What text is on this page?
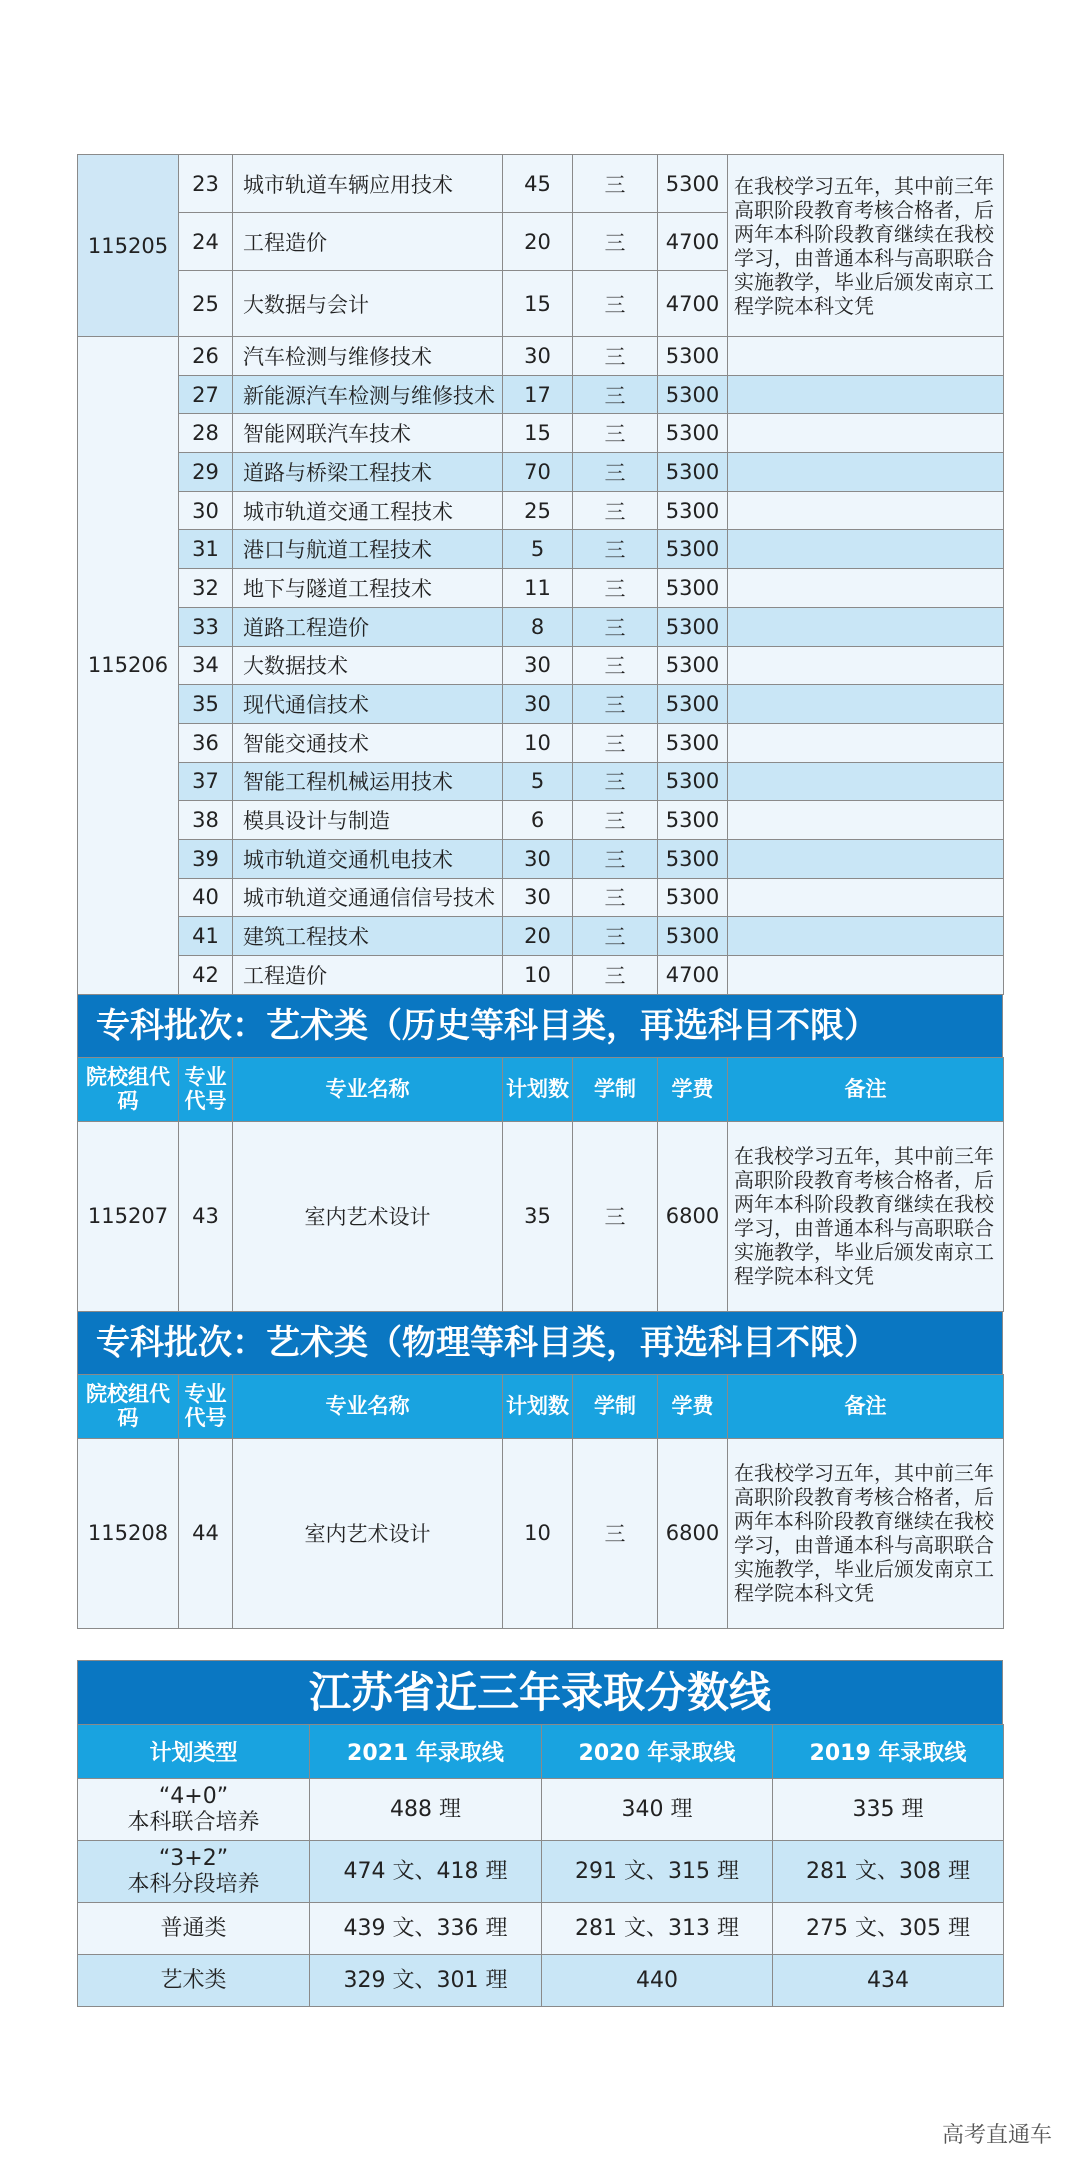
115205	23	城市轨道车辆应用技术	45	三	5300	在我校学习五年，其中前三年高职阶段教育考核合格者，后两年本科阶段教育继续在我校学习，由普通本科与高职联合实施教学，毕业后颁发南京工程学院本科文凭
	24	工程造价	20	三	4700	
	25	大数据与会计	15	三	4700	
115206	26	汽车检测与维修技术	30	三	5300	
	27	新能源汽车检测与维修技术	17	三	5300	
	28	智能网联汽车技术	15	三	5300	
	29	道路与桥梁工程技术	70	三	5300	
	30	城市轨道交通工程技术	25	三	5300	
	31	港口与航道工程技术	5	三	5300	
	32	地下与隧道工程技术	11	三	5300	
	33	道路工程造价	8	三	5300	
	34	大数据技术	30	三	5300	
	35	现代通信技术	30	三	5300	
	36	智能交通技术	10	三	5300	
	37	智能工程机械运用技术	5	三	5300	
	38	模具设计与制造	6	三	5300	
	39	城市轨道交通机电技术	30	三	5300	
	40	城市轨道交通通信信号技术	30	三	5300	
	41	建筑工程技术	20	三	5300	
	42	工程造价	10	三	4700	
专科批次：艺术类（历史等科目类，再选科目不限）
院校组代码	专业代号	专业名称	计划数	学制	学费	备注
115207	43	室内艺术设计	35	三	6800	在我校学习五年，其中前三年高职阶段教育考核合格者，后两年本科阶段教育继续在我校学习，由普通本科与高职联合实施教学，毕业后颁发南京工程学院本科文凭
专科批次：艺术类（物理等科目类，再选科目不限）
院校组代码	专业代号	专业名称	计划数	学制	学费	备注
115208	44	室内艺术设计	10	三	6800	在我校学习五年，其中前三年高职阶段教育考核合格者，后两年本科阶段教育继续在我校学习，由普通本科与高职联合实施教学，毕业后颁发南京工程学院本科文凭
江苏省近三年录取分数线
计划类型	2021 年录取线	2020 年录取线	2019 年录取线

“4+0”
本科联合培养	488 理	340 理	335 理

“3+2”
本科分段培养	474 文、418 理	291 文、315 理	281 文、308 理
普通类	439 文、336 理	281 文、313 理	275 文、305 理
艺术类	329 文、301 理	440	434
高考直通车
